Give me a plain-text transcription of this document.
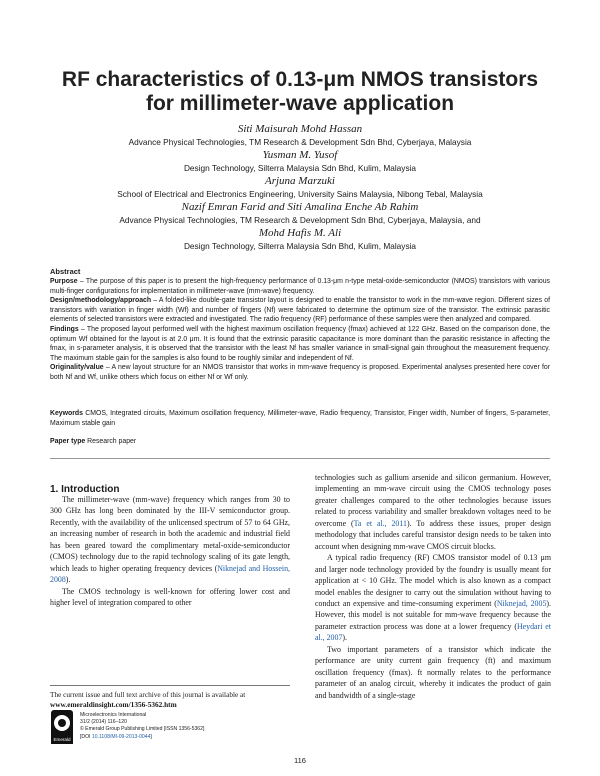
RF characteristics of 0.13-μm NMOS transistors
for millimeter-wave application
Siti Maisurah Mohd Hassan
Advance Physical Technologies, TM Research & Development Sdn Bhd, Cyberjaya, Malaysia
Yusman M. Yusof
Design Technology, Silterra Malaysia Sdn Bhd, Kulim, Malaysia
Arjuna Marzuki
School of Electrical and Electronics Engineering, University Sains Malaysia, Nibong Tebal, Malaysia
Nazif Emran Farid and Siti Amalina Enche Ab Rahim
Advance Physical Technologies, TM Research & Development Sdn Bhd, Cyberjaya, Malaysia, and
Mohd Hafis M. Ali
Design Technology, Silterra Malaysia Sdn Bhd, Kulim, Malaysia
Abstract

Purpose – The purpose of this paper is to present the high-frequency performance of 0.13-μm n-type metal-oxide-semiconductor (NMOS) transistors with various multi-finger configurations for implementation in millimeter-wave (mm-wave) frequency.

Design/methodology/approach – A folded-like double-gate transistor layout is designed to enable the transistor to work in the mm-wave region. Different sizes of transistors with variation in finger width (Wf) and number of fingers (Nf) were fabricated to determine the optimum size of the transistor. The extrinsic parasitic elements of selected transistors were extracted and investigated. The radio frequency (RF) performance of these samples were then analyzed and compared.

Findings – The proposed layout performed well with the highest maximum oscillation frequency (fmax) achieved at 122 GHz. Based on the comparison done, the optimum Wf obtained for the layout is at 2.0 μm. It is found that the extrinsic parasitic capacitance is more dominant than the parasitic resistance in affecting the fmax, in s-parameter analysis, it is observed that the transistor with the least Nf has smaller variance in small-signal gain throughout the measurement frequency. The maximum stable gain for the samples is also found to be roughly similar and independent of Nf.

Originality/value – A new layout structure for an NMOS transistor that works in mm-wave frequency is proposed. Experimental analyses presented here cover for both Nf and Wf, unlike others which focus on either Nf or Wf only.

Keywords CMOS, Integrated circuits, Maximum oscillation frequency, Millimeter-wave, Radio frequency, Transistor, Finger width, Number of fingers, S-parameter, Maximum stable gain
Paper type Research paper
1. Introduction

The millimeter-wave (mm-wave) frequency which ranges from 30 to 300 GHz has long been dominated by the III-V semiconductor group. Recently, with the availability of the unlicensed spectrum of 57 to 64 GHz, an increasing number of research in both the academic and industrial field has been geared toward the complimentary metal-oxide-semiconductor (CMOS) technology due to the rapid technology scaling of its gate length, which leads to higher operating frequency devices (Niknejad and Hossein, 2008).

The CMOS technology is well-known for offering lower cost and higher level of integration compared to other

technologies such as gallium arsenide and silicon germanium. However, implementing an mm-wave circuit using the CMOS technology poses greater challenges compared to the other technologies because issues related to process variability and smaller breakdown voltages need to be overcome (Ta et al., 2011). To address these issues, proper design methodology that includes careful transistor design needs to be taken into account when designing mm-wave CMOS circuit blocks.

A typical radio frequency (RF) CMOS transistor model of 0.13 μm and larger node technology provided by the foundry is usually meant for application at < 10 GHz. The model which is also known as a compact model enables the designer to carry out the simulation without having to conduct an expensive and time-consuming experiment (Niknejad, 2005). However, this model is not suitable for mm-wave frequency because the parameter extraction process was done at a lower frequency (Heydari et al., 2007).

Two important parameters of a transistor which indicate the performance are unity current gain frequency (ft) and maximum oscillation frequency (fmax). ft normally relates to the performance parameter of an analog circuit, whereby it indicates the product of gain and bandwidth of a single-stage

The current issue and full text archive of this journal is available at
www.emeraldinsight.com/1356-5362.htm
Emerald
Microelectronics International
31/2 (2014) 116–120
© Emerald Group Publishing Limited [ISSN 1356-5362]
[DOI 10.1108/MI-09-2013-0044]
116
